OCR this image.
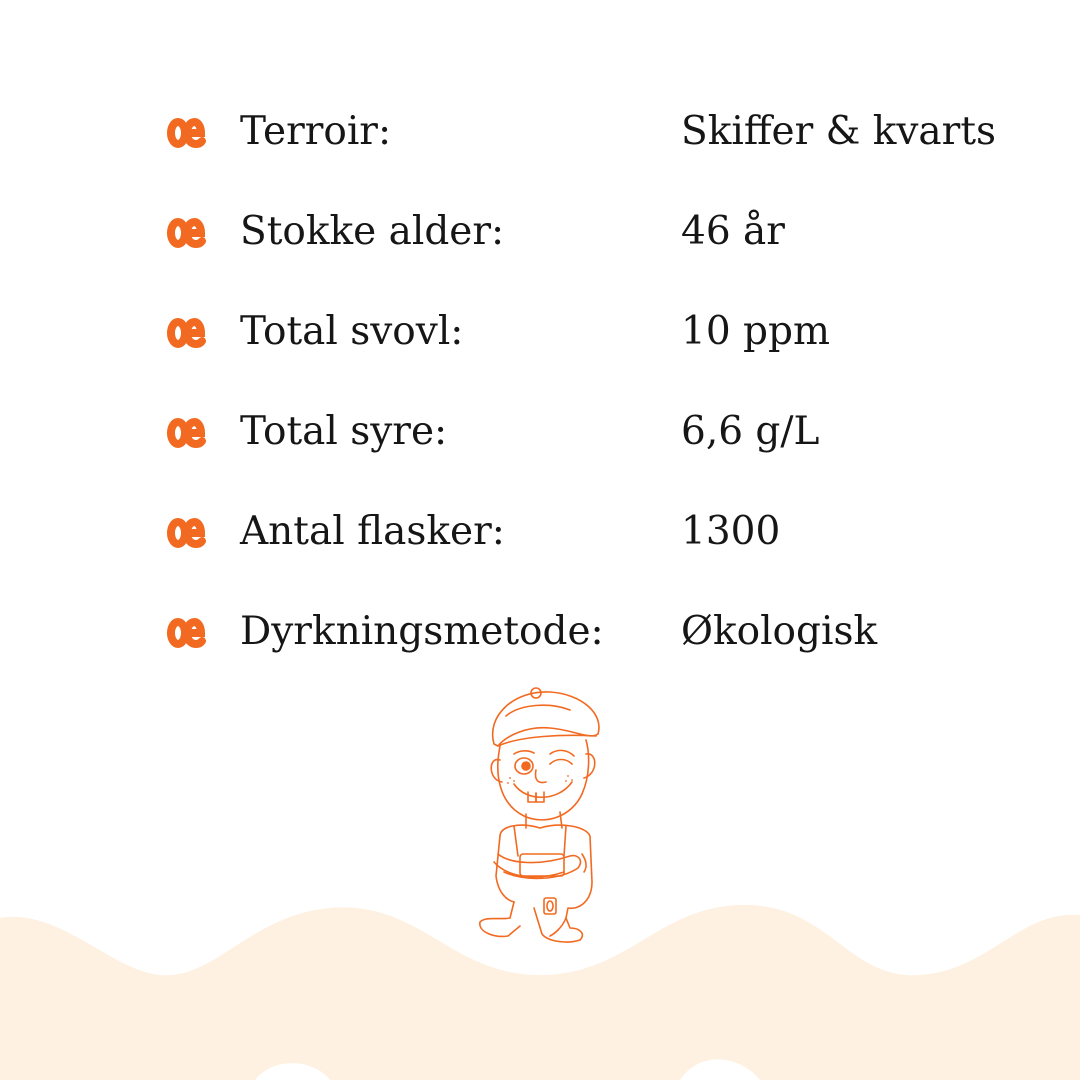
Terroir:	Skiffer & kvarts
Stokke alder:	46 år
Total svovl:	10 ppm
Total syre:	6,6 g/L
Antal flasker:	1300
Dyrkningsmetode: Økologisk
